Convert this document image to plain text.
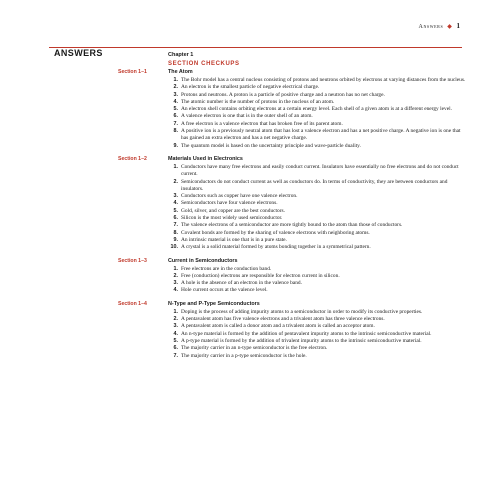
Answers ◆ 1
ANSWERS	Chapter 1
SECTION CHECKUPS
Section 1–1	The Atom
1. The Bohr model has a central nucleus consisting of protons and neutrons orbited by electrons at varying distances from the nucleus.
2. An electron is the smallest particle of negative electrical charge.
3. Protons and neutrons. A proton is a particle of positive charge and a neutron has no net charge.
4. The atomic number is the number of protons in the nucleus of an atom.
5. An electron shell contains orbiting electrons at a certain energy level. Each shell of a given atom is at a different energy level.
6. A valence electron is one that is in the outer shell of an atom.
7. A free electron is a valence electron that has broken free of its parent atom.
8. A positive ion is a previously neutral atom that has lost a valence electron and has a net positive charge. A negative ion is one that has gained an extra electron and has a net negative charge.
9. The quantum model is based on the uncertainty principle and wave-particle duality.
Section 1–2	Materials Used in Electronics
1. Conductors have many free electrons and easily conduct current. Insulators have essentially no free electrons and do not conduct current.
2. Semiconductors do not conduct current as well as conductors do. In terms of conductivity, they are between conductors and insulators.
3. Conductors such as copper have one valence electron.
4. Semiconductors have four valence electrons.
5. Gold, silver, and copper are the best conductors.
6. Silicon is the most widely used semiconductor.
7. The valence electrons of a semiconductor are more tightly bound to the atom than those of conductors.
8. Covalent bonds are formed by the sharing of valence electrons with neighboring atoms.
9. An intrinsic material is one that is in a pure state.
10. A crystal is a solid material formed by atoms bonding together in a symmetrical pattern.
Section 1–3	Current in Semiconductors
1. Free electrons are in the conduction band.
2. Free (conduction) electrons are responsible for electron current in silicon.
3. A hole is the absence of an electron in the valence band.
4. Hole current occurs at the valence level.
Section 1–4	N-Type and P-Type Semiconductors
1. Doping is the process of adding impurity atoms to a semiconductor in order to modify its conductive properties.
2. A pentavalent atom has five valence electrons and a trivalent atom has three valence electrons.
3. A pentavalent atom is called a donor atom and a trivalent atom is called an acceptor atom.
4. An n-type material is formed by the addition of pentavalent impurity atoms to the intrinsic semiconductive material.
5. A p-type material is formed by the addition of trivalent impurity atoms to the intrinsic semiconductive material.
6. The majority carrier in an n-type semiconductor is the free electron.
7. The majority carrier in a p-type semiconductor is the hole.
